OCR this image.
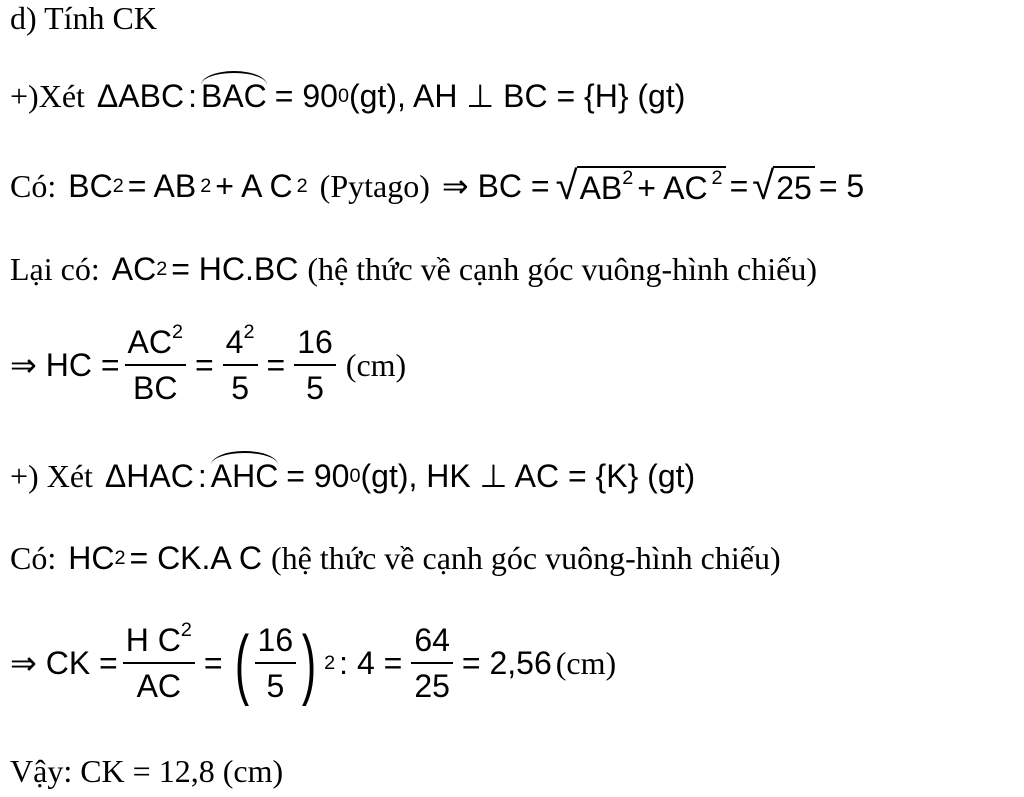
d) Tính CK
+)Xét ΔABC : BAC = 90 0 (gt), AH ⊥ BC = {H} (gt)
Có: BC 2 = AB 2 + A C 2 (Pytago) ⇒ BC = √ $AB^2$ + AC $^2$ = √ 25 = 5
Lại có: AC 2 = HC.BC (hệ thức về cạnh góc vuông-hình chiếu)
⇒ HC = $\frac{AC^2}{BC} = \frac{4^2}{5} = \frac{16}{5} (cm)$
+) Xét ΔHAC : AHC = 90 0 (gt), HK ⊥ AC = {K} (gt)
Có: HC 2 = CK.A C (hệ thức về cạnh góc vuông-hình chiếu)
⇒ CK = $\frac{H C^2}{AC}$ = ( $\frac{16}{5}$ ) 2 : $4 = \frac{64}{25} = 2,56$ (cm)
Vậy: CK = 12,8 (cm)
